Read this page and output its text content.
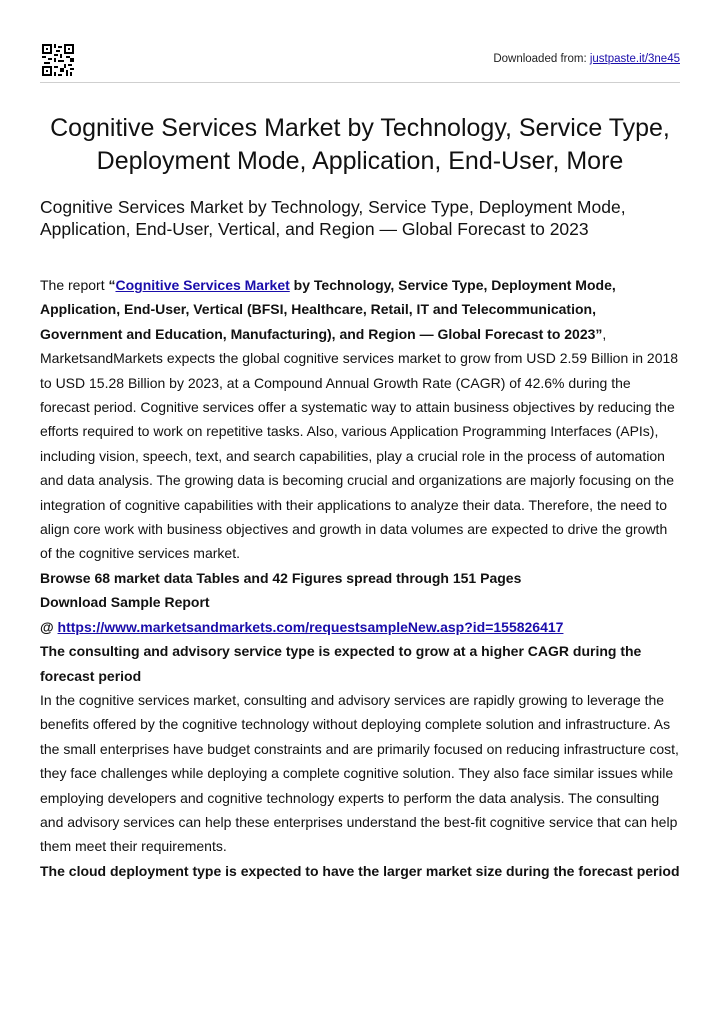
Downloaded from: justpaste.it/3ne45
Cognitive Services Market by Technology, Service Type, Deployment Mode, Application, End-User, More
Cognitive Services Market by Technology, Service Type, Deployment Mode, Application, End-User, Vertical, and Region — Global Forecast to 2023

The report “Cognitive Services Market by Technology, Service Type, Deployment Mode, Application, End-User, Vertical (BFSI, Healthcare, Retail, IT and Telecommunication, Government and Education, Manufacturing), and Region — Global Forecast to 2023”, MarketsandMarkets expects the global cognitive services market to grow from USD 2.59 Billion in 2018 to USD 15.28 Billion by 2023, at a Compound Annual Growth Rate (CAGR) of 42.6% during the forecast period. Cognitive services offer a systematic way to attain business objectives by reducing the efforts required to work on repetitive tasks. Also, various Application Programming Interfaces (APIs), including vision, speech, text, and search capabilities, play a crucial role in the process of automation and data analysis. The growing data is becoming crucial and organizations are majorly focusing on the integration of cognitive capabilities with their applications to analyze their data. Therefore, the need to align core work with business objectives and growth in data volumes are expected to drive the growth of the cognitive services market.

Browse 68 market data Tables and 42 Figures spread through 151 Pages

Download Sample Report

@ https://www.marketsandmarkets.com/requestsampleNew.asp?id=155826417

The consulting and advisory service type is expected to grow at a higher CAGR during the forecast period

In the cognitive services market, consulting and advisory services are rapidly growing to leverage the benefits offered by the cognitive technology without deploying complete solution and infrastructure. As the small enterprises have budget constraints and are primarily focused on reducing infrastructure cost, they face challenges while deploying a complete cognitive solution. They also face similar issues while employing developers and cognitive technology experts to perform the data analysis. The consulting and advisory services can help these enterprises understand the best-fit cognitive service that can help them meet their requirements.

The cloud deployment type is expected to have the larger market size during the forecast period
